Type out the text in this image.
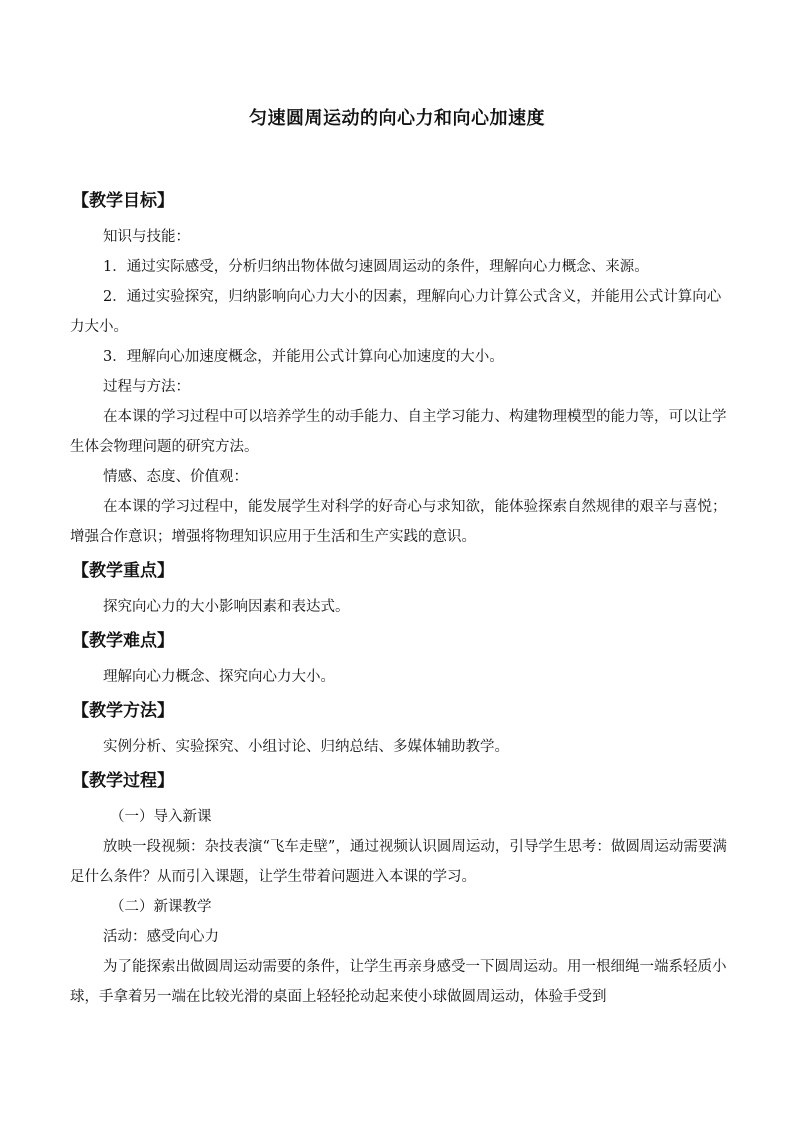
匀速圆周运动的向心力和向心加速度
【教学目标】
知识与技能：
1．通过实际感受，分析归纳出物体做匀速圆周运动的条件，理解向心力概念、来源。
2．通过实验探究，归纳影响向心力大小的因素，理解向心力计算公式含义，并能用公式计算向心力大小。
3．理解向心加速度概念，并能用公式计算向心加速度的大小。
过程与方法：
在本课的学习过程中可以培养学生的动手能力、自主学习能力、构建物理模型的能力等，可以让学生体会物理问题的研究方法。
情感、态度、价值观：
在本课的学习过程中，能发展学生对科学的好奇心与求知欲，能体验探索自然规律的艰辛与喜悦；增强合作意识；增强将物理知识应用于生活和生产实践的意识。
【教学重点】
探究向心力的大小影响因素和表达式。
【教学难点】
理解向心力概念、探究向心力大小。
【教学方法】
实例分析、实验探究、小组讨论、归纳总结、多媒体辅助教学。
【教学过程】
（一）导入新课
放映一段视频：杂技表演“飞车走壁”，通过视频认识圆周运动，引导学生思考：做圆周运动需要满足什么条件？从而引入课题，让学生带着问题进入本课的学习。
（二）新课教学
活动：感受向心力
为了能探索出做圆周运动需要的条件，让学生再亲身感受一下圆周运动。用一根细绳一端系轻质小球，手拿着另一端在比较光滑的桌面上轻轻抡动起来使小球做圆周运动，体验手受到
